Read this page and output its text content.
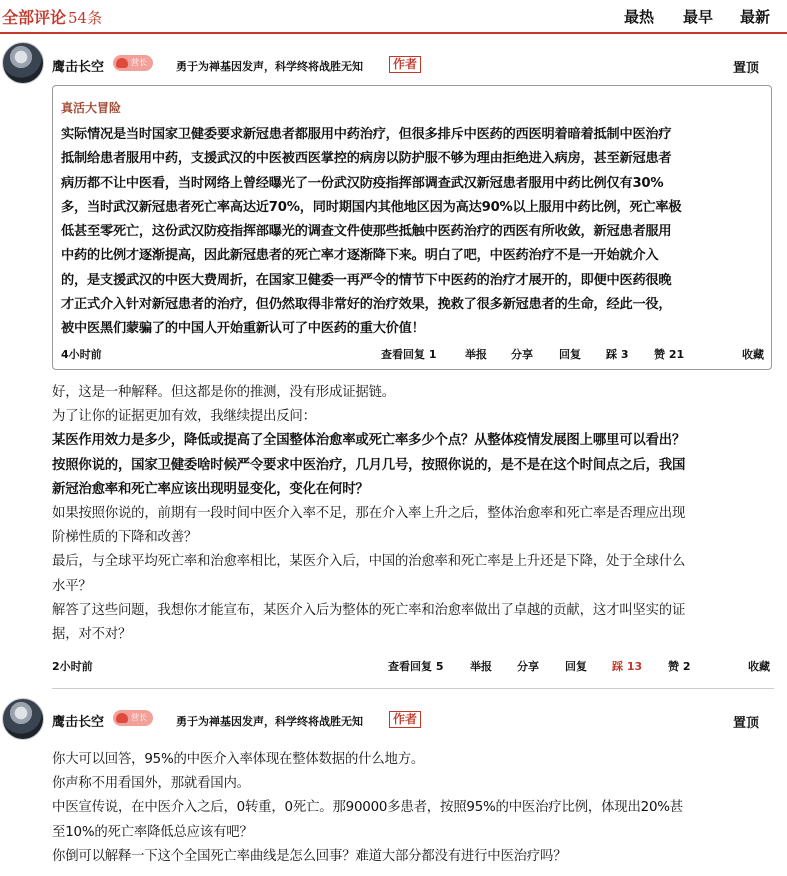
全部评论 54条	最热 最早 最新
鹰击长空	营长	勇于为禅基因发声，科学终将战胜无知	作者	置顶
真活大冒险
实际情况是当时国家卫健委要求新冠患者都服用中药治疗，但很多排斥中医药的西医明着暗着抵制中医治疗
抵制给患者服用中药，支援武汉的中医被西医掌控的病房以防护服不够为理由拒绝进入病房，甚至新冠患者
病历都不让中医看，当时网络上曾经曝光了一份武汉防疫指挥部调查武汉新冠患者服用中药比例仅有30%
多，当时武汉新冠患者死亡率高达近70%，同时期国内其他地区因为高达90%以上服用中药比例，死亡率极
低甚至零死亡，这份武汉防疫指挥部曝光的调查文件使那些抵触中医药治疗的西医有所收敛，新冠患者服用
中药的比例才逐渐提高，因此新冠患者的死亡率才逐渐降下来。明白了吧，中医药治疗不是一开始就介入
的，是支援武汉的中医大费周折，在国家卫健委一再严令的情节下中医药的治疗才展开的，即便中医药很晚
才正式介入针对新冠患者的治疗，但仍然取得非常好的治疗效果，挽救了很多新冠患者的生命，经此一役，
被中医黑们蒙骗了的中国人开始重新认可了中医药的重大价值！
4小时前	查看回复 1	举报 分享 回复 踩 3 赞 21	收藏

好，这是一种解释。但这都是你的推测，没有形成证据链。

为了让你的证据更加有效，我继续提出反问：

某医作用效力是多少，降低或提高了全国整体治愈率或死亡率多少个点？从整体疫情发展图上哪里可以看出？

按照你说的，国家卫健委啥时候严令要求中医治疗，几月几号，按照你说的，是不是在这个时间点之后，我国

新冠治愈率和死亡率应该出现明显变化，变化在何时？

如果按照你说的，前期有一段时间中医介入率不足，那在介入率上升之后，整体治愈率和死亡率是否理应出现

阶梯性质的下降和改善？

最后，与全球平均死亡率和治愈率相比，某医介入后，中国的治愈率和死亡率是上升还是下降，处于全球什么

水平？

解答了这些问题，我想你才能宣布，某医介入后为整体的死亡率和治愈率做出了卓越的贡献，这才叫坚实的证

据，对不对？

2小时前	查看回复 5 举报 分享 回复 踩 13 赞 2	收藏
鹰击长空	营长	勇于为禅基因发声，科学终将战胜无知	作者	置顶

你大可以回答，95%的中医介入率体现在整体数据的什么地方。

你声称不用看国外，那就看国内。

中医宣传说，在中医介入之后，0转重，0死亡。那90000多患者，按照95%的中医治疗比例，体现出20%甚

至10%的死亡率降低总应该有吧？

你倒可以解释一下这个全国死亡率曲线是怎么回事？难道大部分都没有进行中医治疗吗？
